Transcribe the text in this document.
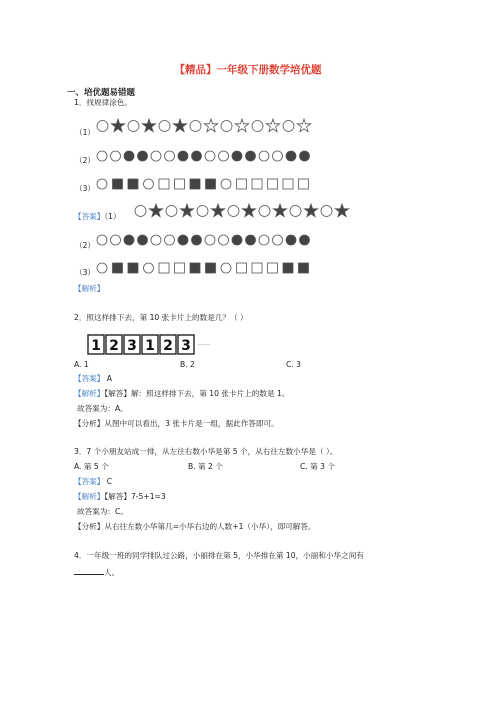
【精品】一年级下册数学培优题
一、培优题易错题
1．找规律涂色。
（1）
（2）
（3）
【答案】（1）
（2）
（3）
【解析】
2．照这样排下去，第 10 张卡片上的数是几？（ ）
1 2 3 1 2 3 ……
A. 1	B. 2	C. 3
【答案】 A
【解析】【解答】解：照这样排下去，第 10 张卡片上的数是 1。
故答案为：A。
【分析】从图中可以看出，3 张卡片是一组，据此作答即可。
3．7 个小朋友站成一排，从左往右数小华是第 5 个，从右往左数小华是（ ）。
A. 第 5 个	B. 第 2 个	C. 第 3 个
【答案】 C
【解析】【解答】7-5+1=3
故答案为：C。
【分析】从右往左数小华第几=小华右边的人数+1（小华），即可解答。
4．一年级一班的同学排队过公路，小丽排在第 5，小华排在第 10，小丽和小华之间有
人。
